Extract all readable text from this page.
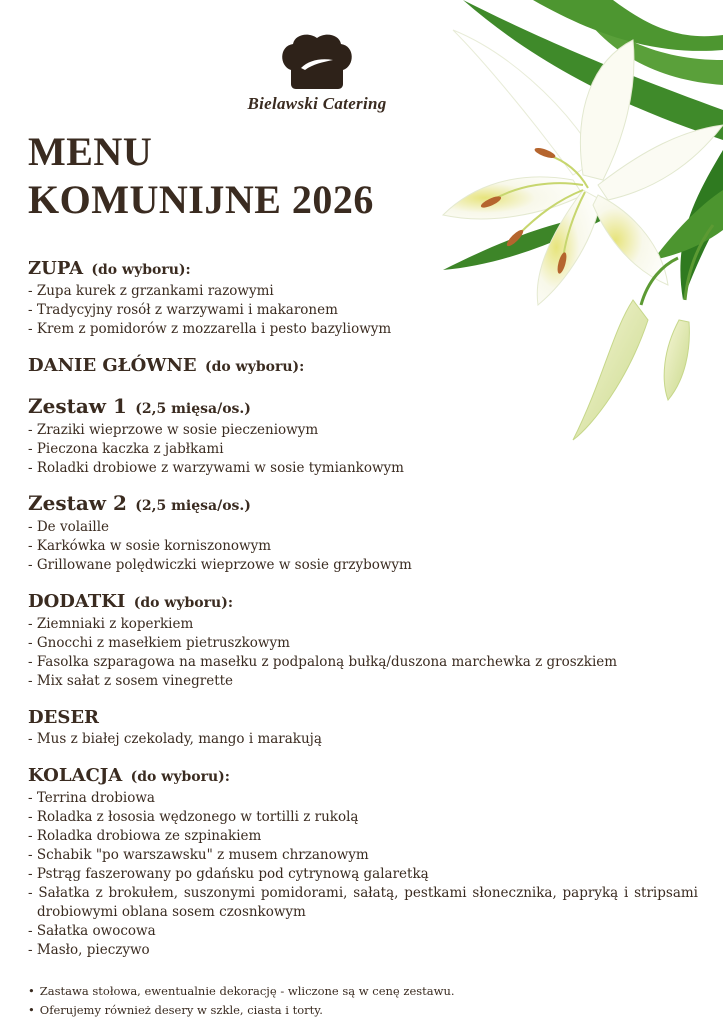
Bielawski Catering
MENU
KOMUNIJNE 2026
ZUPA (do wyboru):
- Zupa kurek z grzankami razowymi
- Tradycyjny rosół z warzywami i makaronem
- Krem z pomidorów z mozzarella i pesto bazyliowym
DANIE GŁÓWNE (do wyboru):
Zestaw 1 (2,5 mięsa/os.)
- Zraziki wieprzowe w sosie pieczeniowym
- Pieczona kaczka z jabłkami
- Roladki drobiowe z warzywami w sosie tymiankowym
Zestaw 2 (2,5 mięsa/os.)
- De volaille
- Karkówka w sosie korniszonowym
- Grillowane polędwiczki wieprzowe w sosie grzybowym
DODATKI (do wyboru):
- Ziemniaki z koperkiem
- Gnocchi z masełkiem pietruszkowym
- Fasolka szparagowa na masełku z podpaloną bułką/duszona marchewka z groszkiem
- Mix sałat z sosem vinegrette
DESER
- Mus z białej czekolady, mango i marakują
KOLACJA (do wyboru):
- Terrina drobiowa
- Roladka z łososia wędzonego w tortilli z rukolą
- Roladka drobiowa ze szpinakiem
- Schabik "po warszawsku" z musem chrzanowym
- Pstrąg faszerowany po gdańsku pod cytrynową galaretką
- Sałatka z brokułem, suszonymi pomidorami, sałatą, pestkami słonecznika, papryką i stripsami drobiowymi oblana sosem czosnkowym
- Sałatka owocowa
- Masło, pieczywo
• Zastawa stołowa, ewentualnie dekorację - wliczone są w cenę zestawu.
• Oferujemy również desery w szkle, ciasta i torty.
